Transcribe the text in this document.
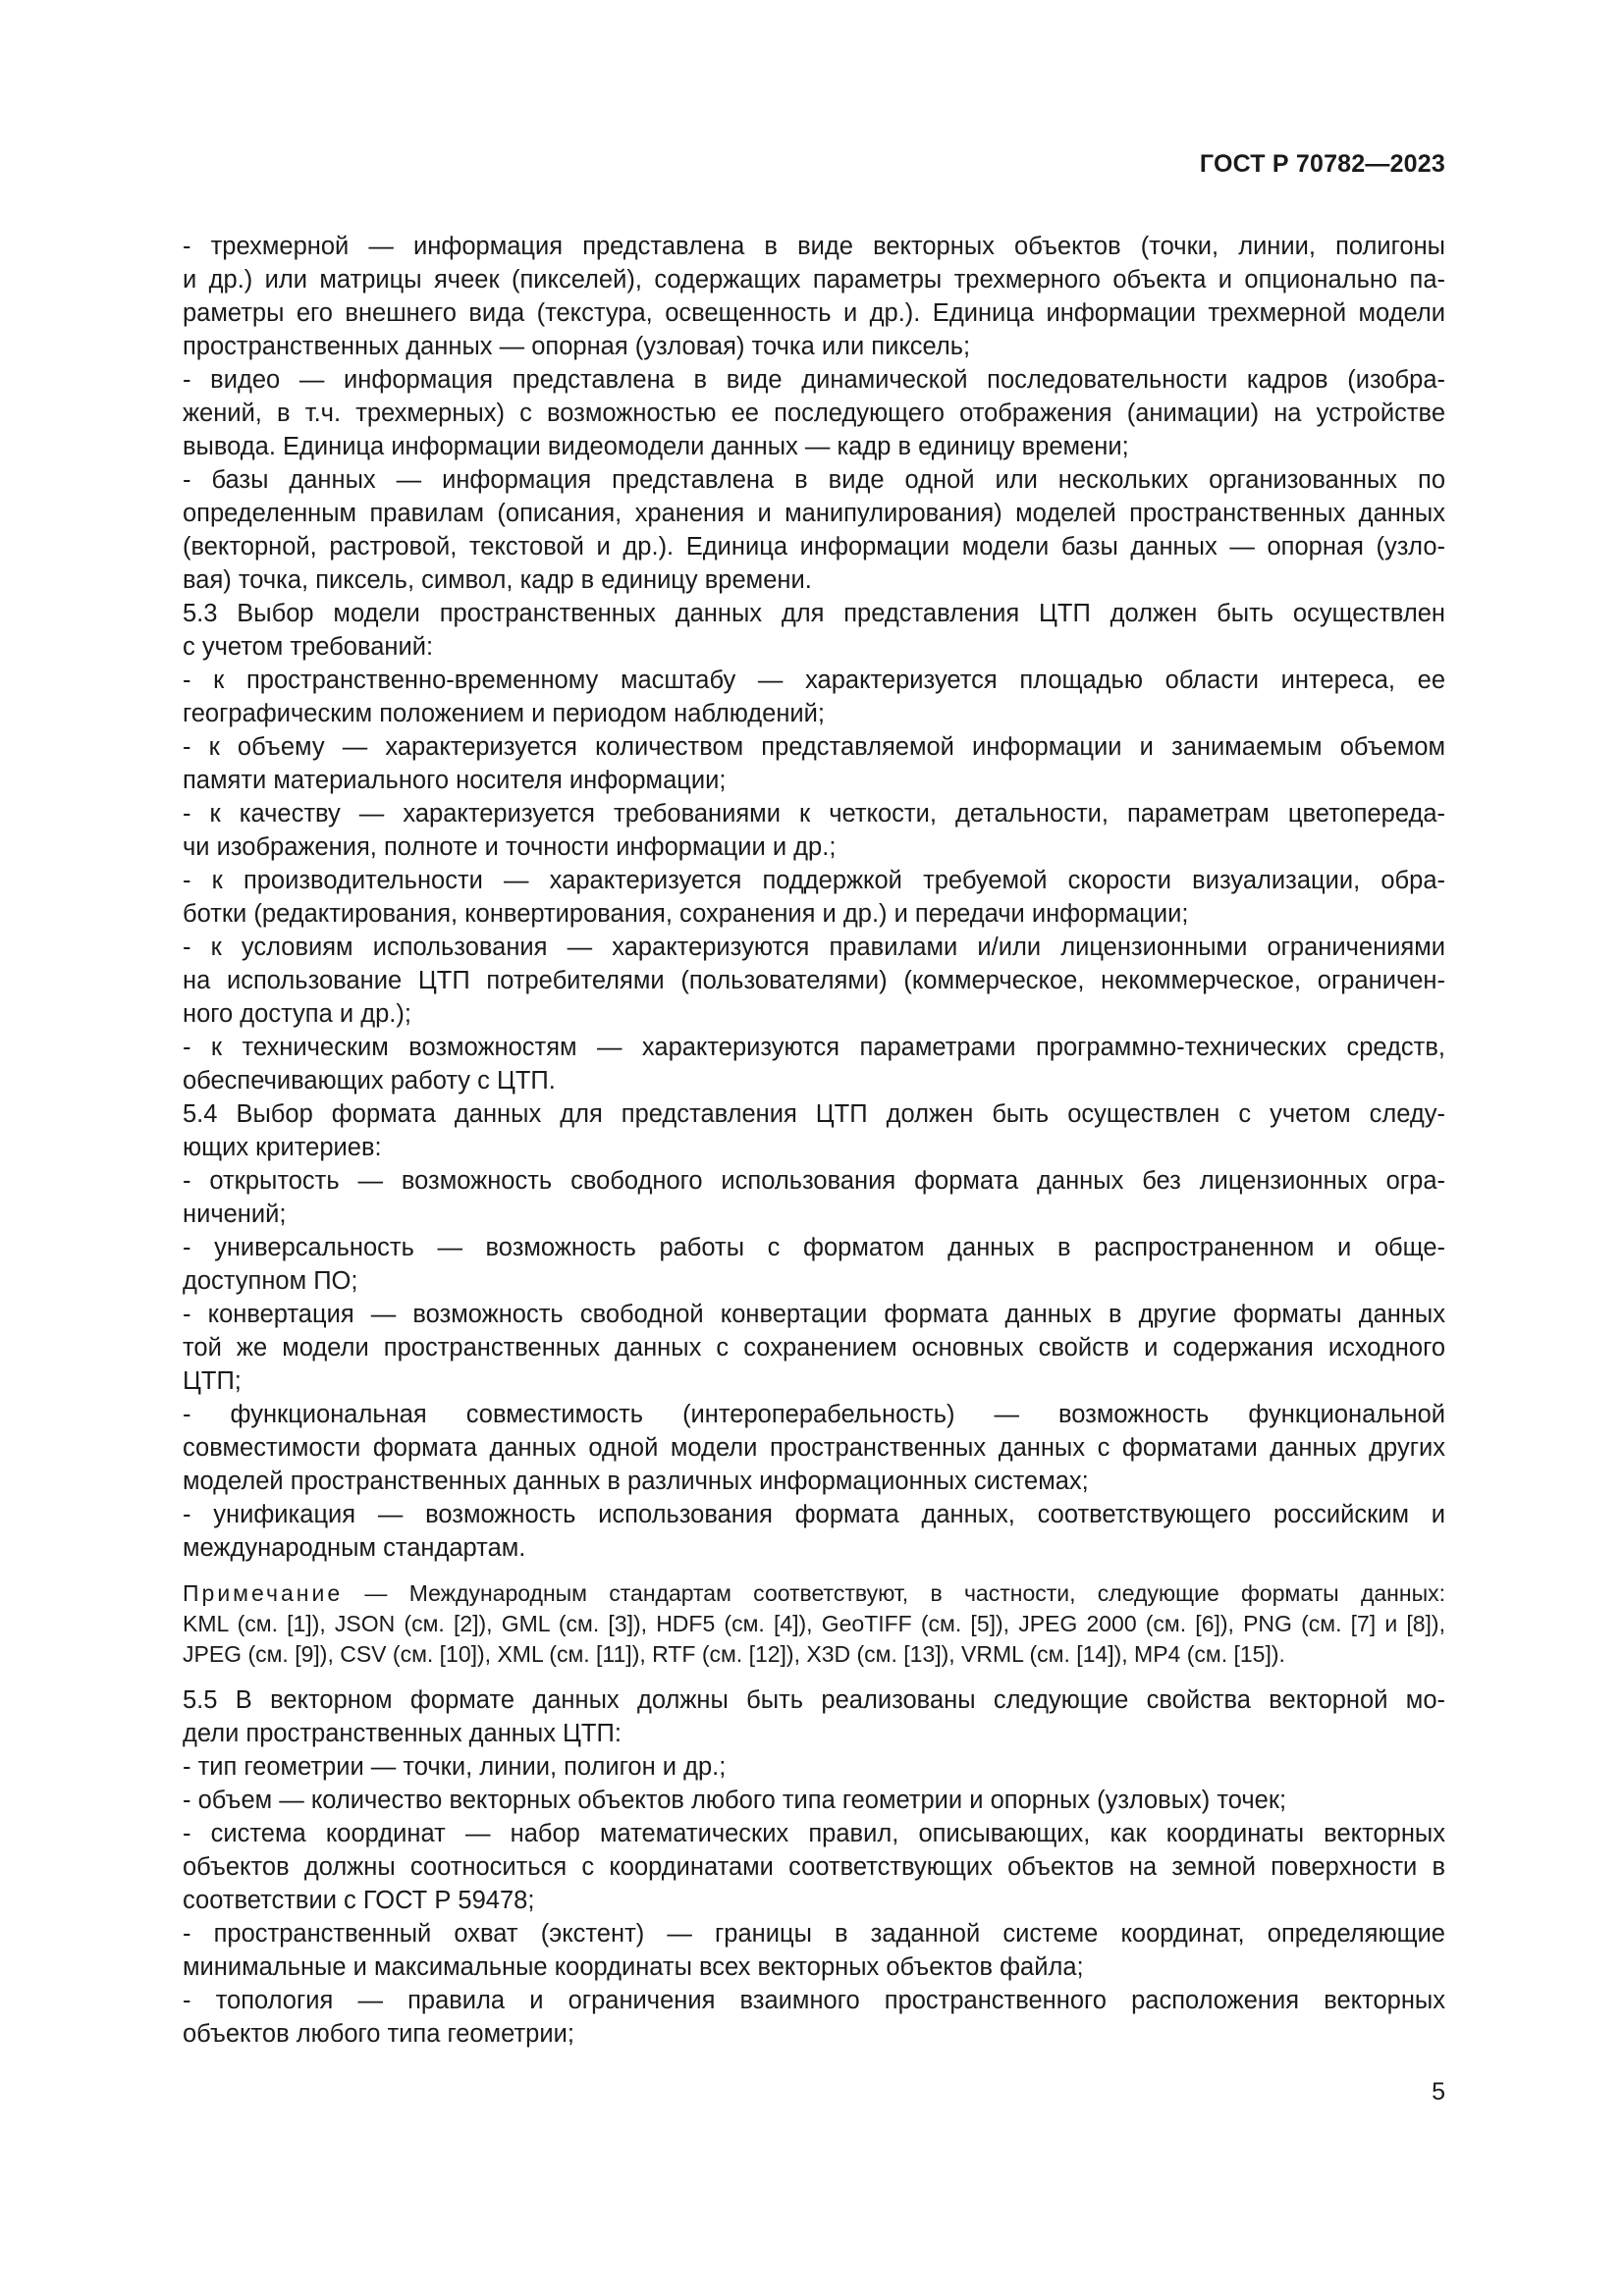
ГОСТ Р 70782—2023
- трехмерной — информация представлена в виде векторных объектов (точки, линии, полигоны
и др.) или матрицы ячеек (пикселей), содержащих параметры трехмерного объекта и опционально па-
раметры его внешнего вида (текстура, освещенность и др.). Единица информации трехмерной модели
пространственных данных — опорная (узловая) точка или пиксель;
- видео — информация представлена в виде динамической последовательности кадров (изобра-
жений, в т.ч. трехмерных) с возможностью ее последующего отображения (анимации) на устройстве
вывода. Единица информации видеомодели данных — кадр в единицу времени;
- базы данных — информация представлена в виде одной или нескольких организованных по
определенным правилам (описания, хранения и манипулирования) моделей пространственных данных
(векторной, растровой, текстовой и др.). Единица информации модели базы данных — опорная (узло-
вая) точка, пиксель, символ, кадр в единицу времени.
5.3 Выбор модели пространственных данных для представления ЦТП должен быть осуществлен
с учетом требований:
- к пространственно-временному масштабу — характеризуется площадью области интереса, ее
географическим положением и периодом наблюдений;
- к объему — характеризуется количеством представляемой информации и занимаемым объемом
памяти материального носителя информации;
- к качеству — характеризуется требованиями к четкости, детальности, параметрам цветопереда-
чи изображения, полноте и точности информации и др.;
- к производительности — характеризуется поддержкой требуемой скорости визуализации, обра-
ботки (редактирования, конвертирования, сохранения и др.) и передачи информации;
- к условиям использования — характеризуются правилами и/или лицензионными ограничениями
на использование ЦТП потребителями (пользователями) (коммерческое, некоммерческое, ограничен-
ного доступа и др.);
- к техническим возможностям — характеризуются параметрами программно-технических средств,
обеспечивающих работу с ЦТП.
5.4 Выбор формата данных для представления ЦТП должен быть осуществлен с учетом следу-
ющих критериев:
- открытость — возможность свободного использования формата данных без лицензионных огра-
ничений;
- универсальность — возможность работы с форматом данных в распространенном и обще-
доступном ПО;
- конвертация — возможность свободной конвертации формата данных в другие форматы данных
той же модели пространственных данных с сохранением основных свойств и содержания исходного
ЦТП;
- функциональная совместимость (интероперабельность) — возможность функциональной
совместимости формата данных одной модели пространственных данных с форматами данных других
моделей пространственных данных в различных информационных системах;
- унификация — возможность использования формата данных, соответствующего российским и
международным стандартам.
Примечание — Международным стандартам соответствуют, в частности, следующие форматы данных:
KML (см. [1]), JSON (см. [2]), GML (см. [3]), HDF5 (см. [4]), GeoTIFF (см. [5]), JPEG 2000 (см. [6]), PNG (см. [7] и [8]),
JPEG (см. [9]), CSV (см. [10]), XML (см. [11]), RTF (см. [12]), X3D (см. [13]), VRML (см. [14]), MP4 (см. [15]).
5.5 В векторном формате данных должны быть реализованы следующие свойства векторной мо-
дели пространственных данных ЦТП:
- тип геометрии — точки, линии, полигон и др.;
- объем — количество векторных объектов любого типа геометрии и опорных (узловых) точек;
- система координат — набор математических правил, описывающих, как координаты векторных
объектов должны соотноситься с координатами соответствующих объектов на земной поверхности в
соответствии с ГОСТ Р 59478;
- пространственный охват (экстент) — границы в заданной системе координат, определяющие
минимальные и максимальные координаты всех векторных объектов файла;
- топология — правила и ограничения взаимного пространственного расположения векторных
объектов любого типа геометрии;
5
